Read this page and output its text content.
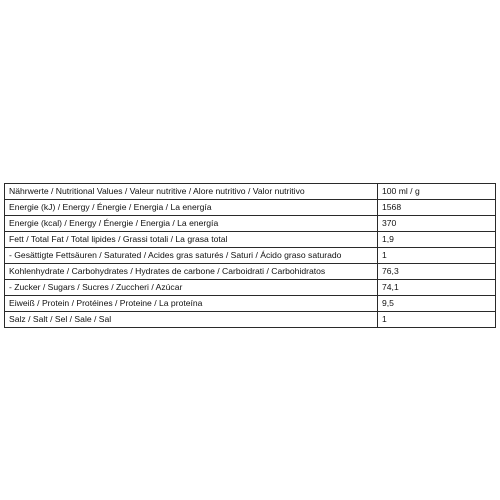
Nährwerte / Nutritional Values / Valeur nutritive / Alore nutritivo / Valor nutritivo	100 ml / g
Energie (kJ) / Energy / Énergie / Energia / La energía	1568
Energie (kcal) / Energy / Énergie / Energia / La energía	370
Fett / Total Fat / Total lipides / Grassi totali / La grasa total	1,9
- Gesättigte Fettsäuren / Saturated / Acides gras saturés / Saturi / Ácido graso saturado	1
Kohlenhydrate / Carbohydrates / Hydrates de carbone / Carboidrati / Carbohidratos	76,3
- Zucker / Sugars / Sucres / Zuccheri / Azúcar	74,1
Eiweiß / Protein / Protéines / Proteine / La proteína	9,5
Salz / Salt / Sel / Sale / Sal	1
